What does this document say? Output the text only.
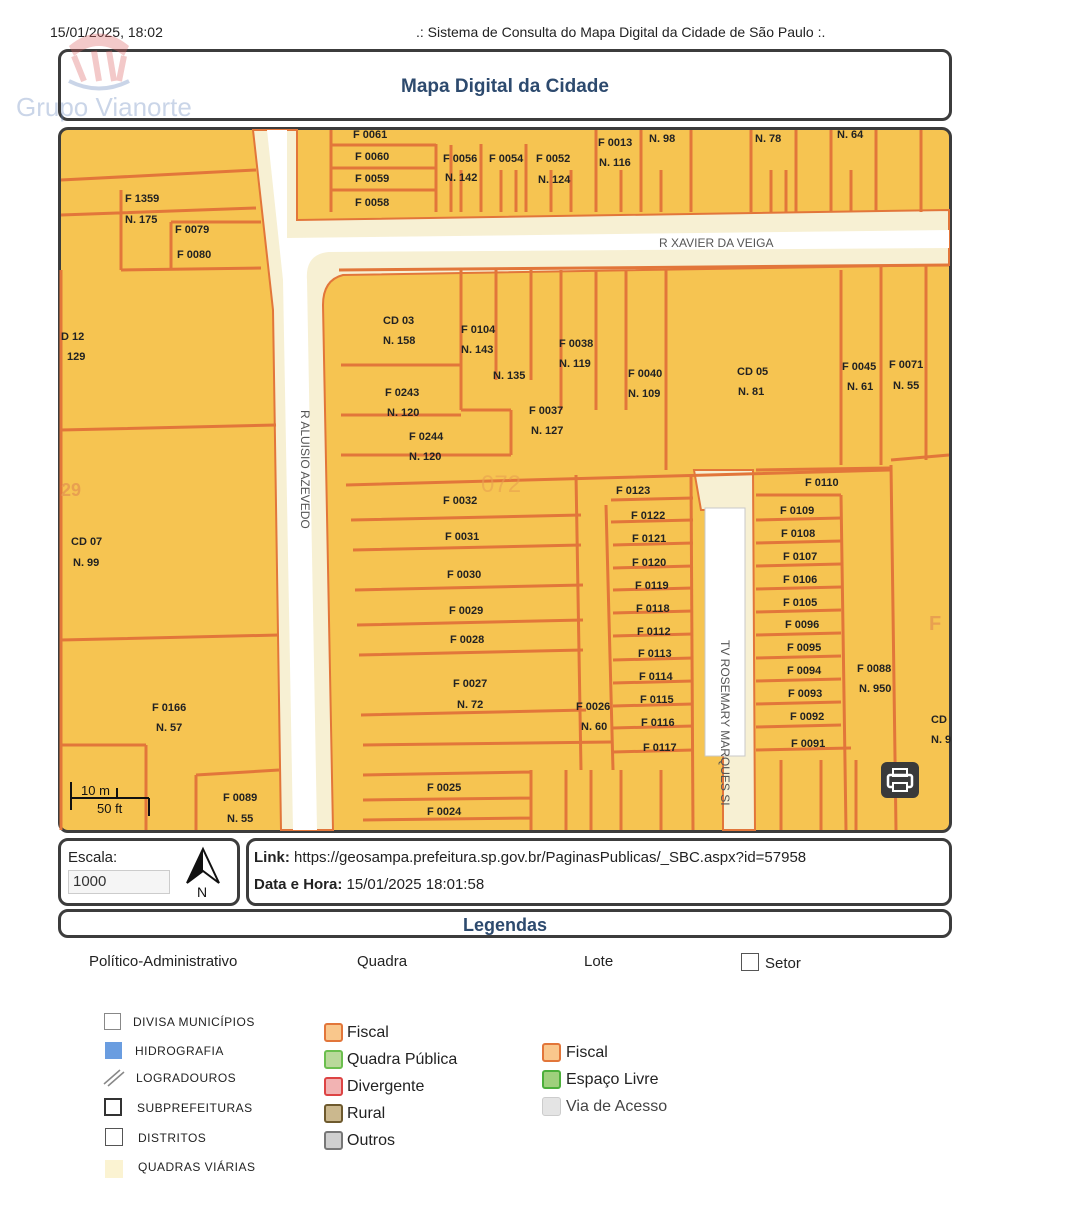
15/01/2025, 18:02	.: Sistema de Consulta do Mapa Digital da Cidade de São Paulo :.
Mapa Digital da Cidade
Grupo Vianorte
R XAVIER DA VEIGA
R ALUISIO AZEVEDO
TV ROSEMARY MARQUES SI
072
F 0061
F 0060
F 0059
F 0058
F 0056 F 0054 F 0052
N. 142	N. 124
F 0013 N. 98
N. 116
N. 78	N. 64
F 1359
N. 175
F 0079
F 0080
D 12
129
29
CD 03
N. 158
F 0104
N. 143
N. 135
F 0038
N. 119
F 0040
N. 109
CD 05
N. 81
F 0045
N. 61
F 0071
N. 55
F 0243
N. 120	F 0037
N. 127
F 0244
N. 120
F 0032
F 0031
F 0030
F 0029
F 0028
F 0027
N. 72	F 0026
N. 60
F 0025
F 0024
F 0123
F 0122
F 0121
F 0120
F 0119
F 0118
F 0112
F 0113
F 0114
F 0115
F 0116
F 0117
F 0110
F 0109
F 0108
F 0107
F 0106
F 0105
F 0096
F 0095
F 0094
F 0093
F 0092
F 0091
F 0088
N. 950
CD 07
N. 99
F 0166
N. 57
F 0089
N. 55
CD
N. 9
F
10 m
50 ft
Escala:
1000
N
Link: https://geosampa.prefeitura.sp.gov.br/PaginasPublicas/_SBC.aspx?id=57958
Data e Hora: 15/01/2025 18:01:58
Legendas
Político-Administrativo	Quadra	Lote	Setor
DIVISA MUNICÍPIOS
HIDROGRAFIA
LOGRADOUROS
SUBPREFEITURAS
DISTRITOS
QUADRAS VIÁRIAS
Fiscal
Quadra Pública
Divergente
Rural
Outros
Fiscal
Espaço Livre
Via de Acesso
